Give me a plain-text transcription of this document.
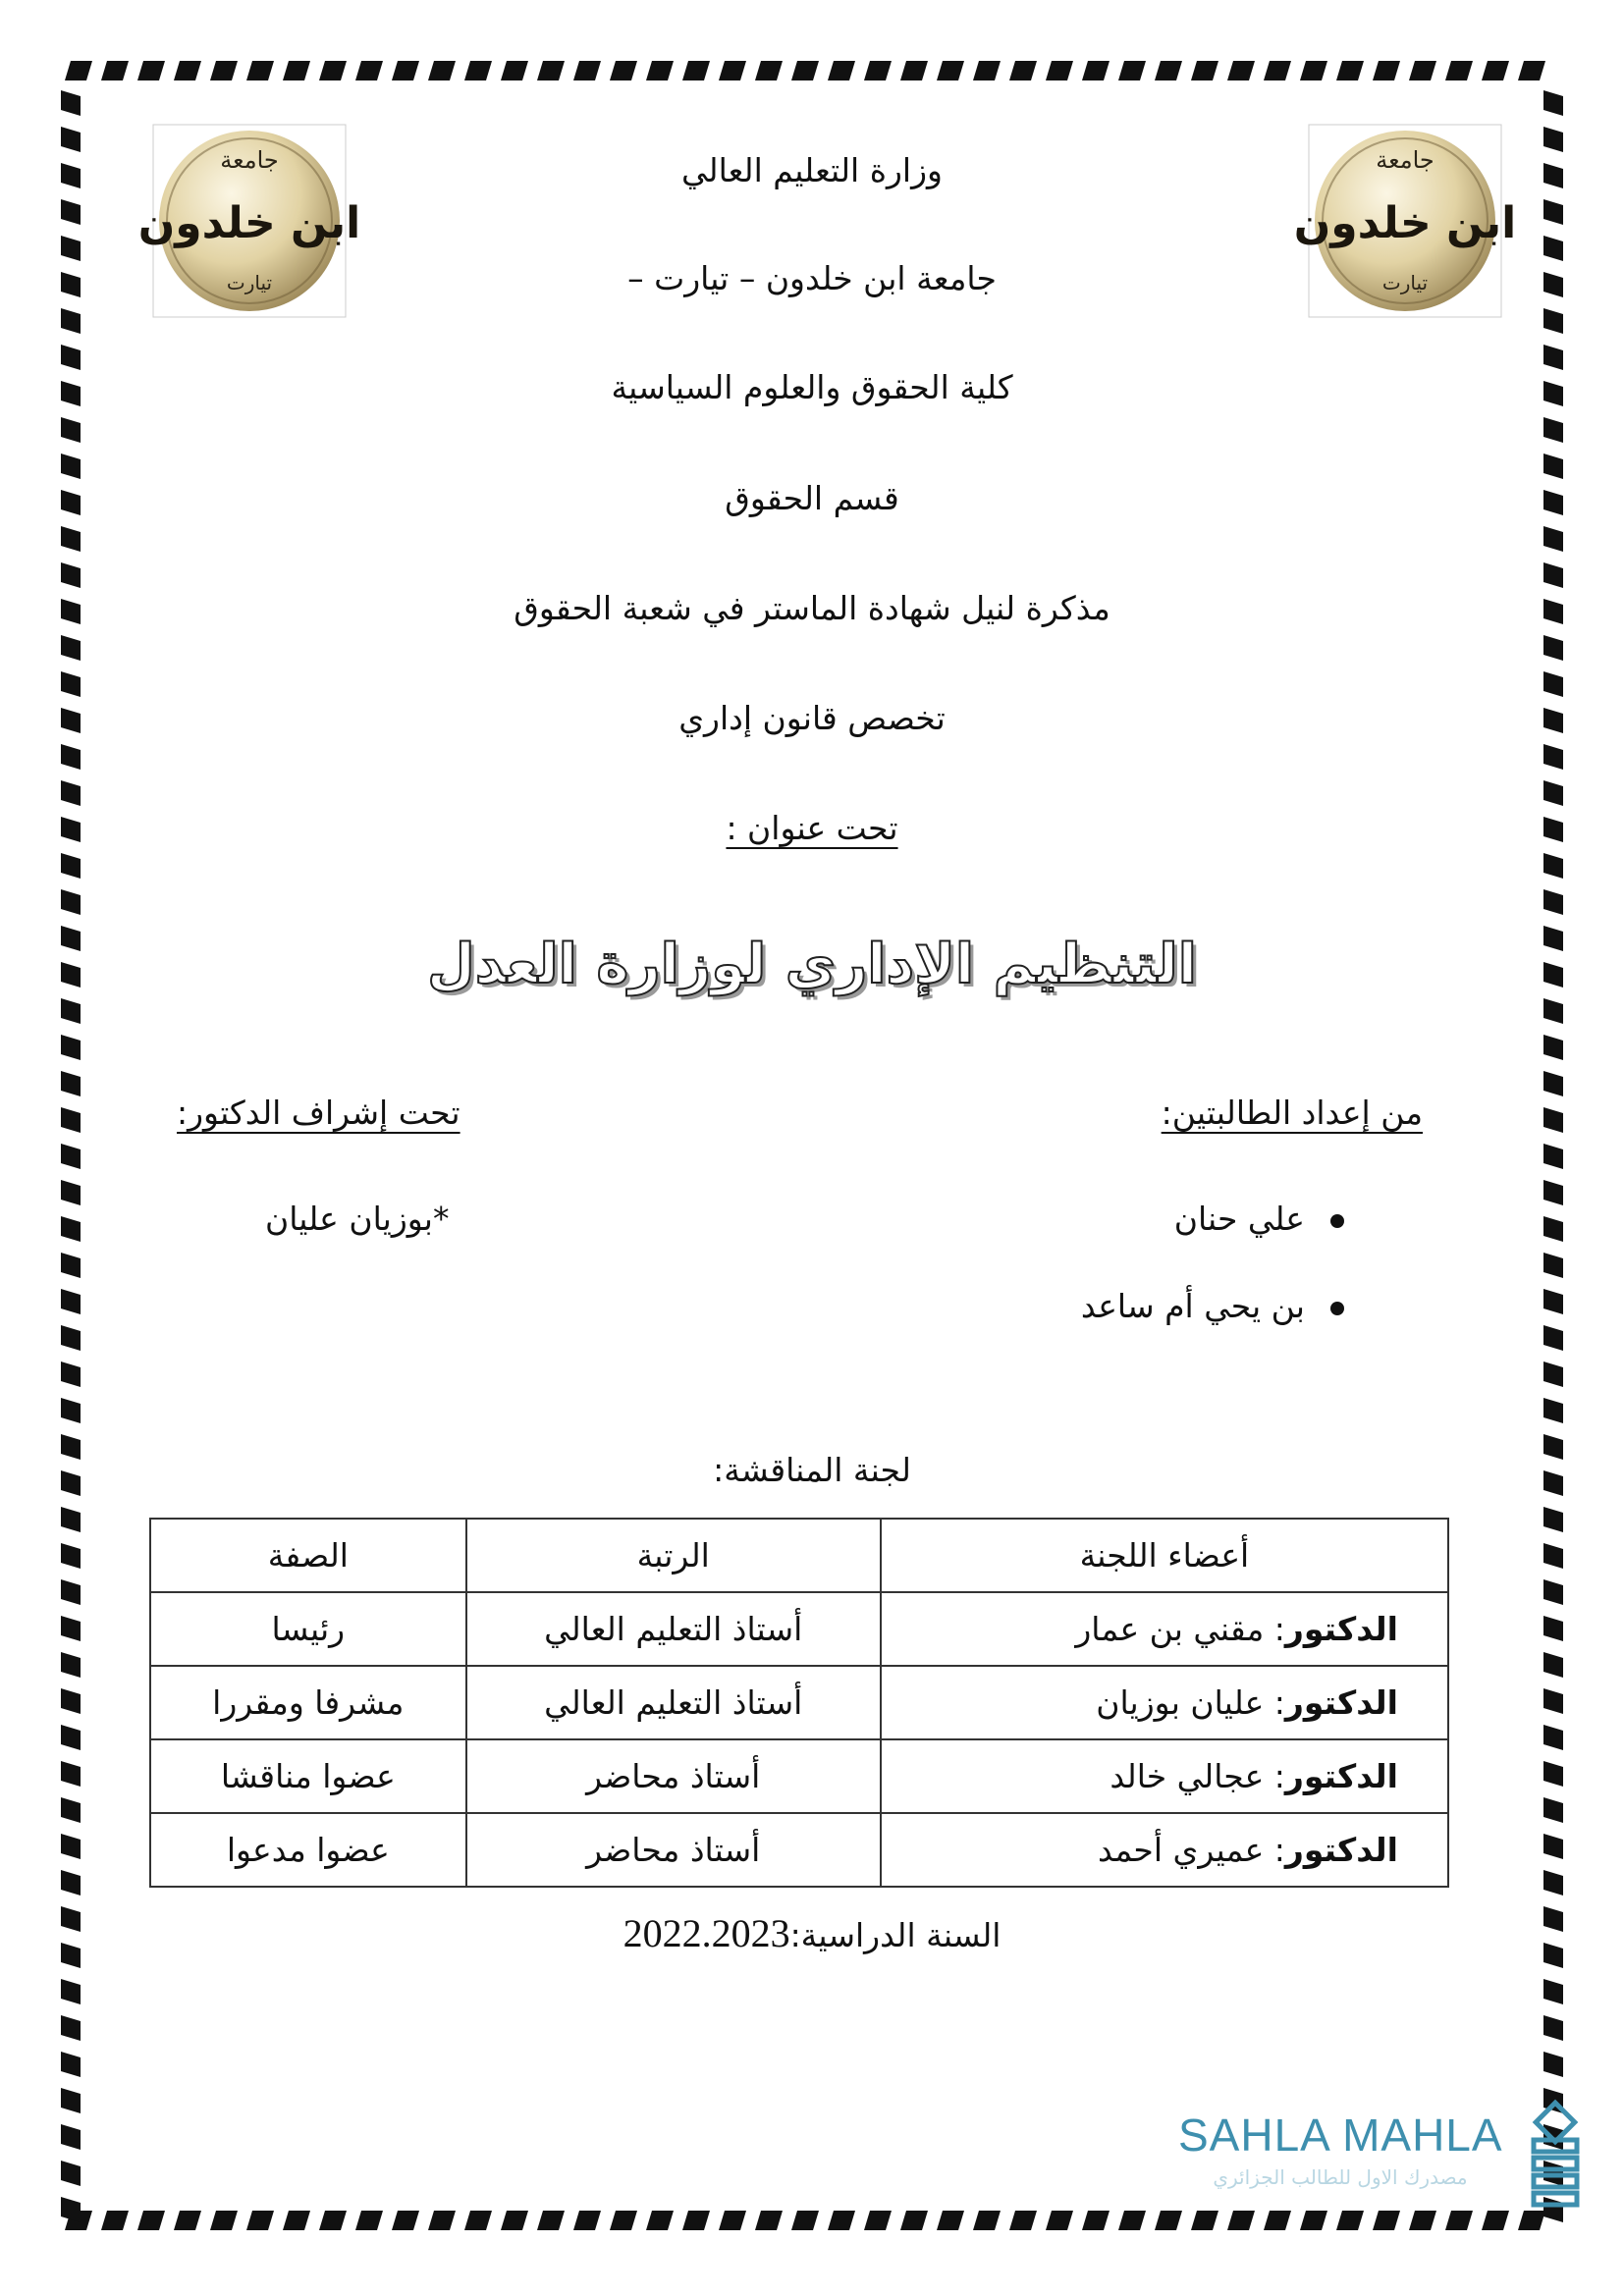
جامعة
ابن خلدون
تيارت
جامعة
ابن خلدون
تيارت
وزارة التعليم العالي
جامعة ابن خلدون – تيارت –
كلية الحقوق والعلوم السياسية
قسم الحقوق
مذكرة لنيل شهادة الماستر في شعبة الحقوق
تخصص قانون إداري
تحت عنوان :
التنظيم الإداري لوزارة العدل
من إعداد الطالبتين:
تحت إشراف الدكتور:
علي حنان
بن يحي أم ساعد
*بوزيان عليان
لجنة المناقشة:
أعضاء اللجنة	الرتبة	الصفة
الدكتور: مقني بن عمار	أستاذ التعليم العالي	رئيسا
الدكتور: عليان بوزيان	أستاذ التعليم العالي	مشرفا ومقررا
الدكتور: عجالي خالد	أستاذ محاضر	عضوا مناقشا
الدكتور: عميري أحمد	أستاذ محاضر	عضوا مدعوا
السنة الدراسية:2022.2023
SAHLA MAHLA
مصدرك الاول للطالب الجزائري
